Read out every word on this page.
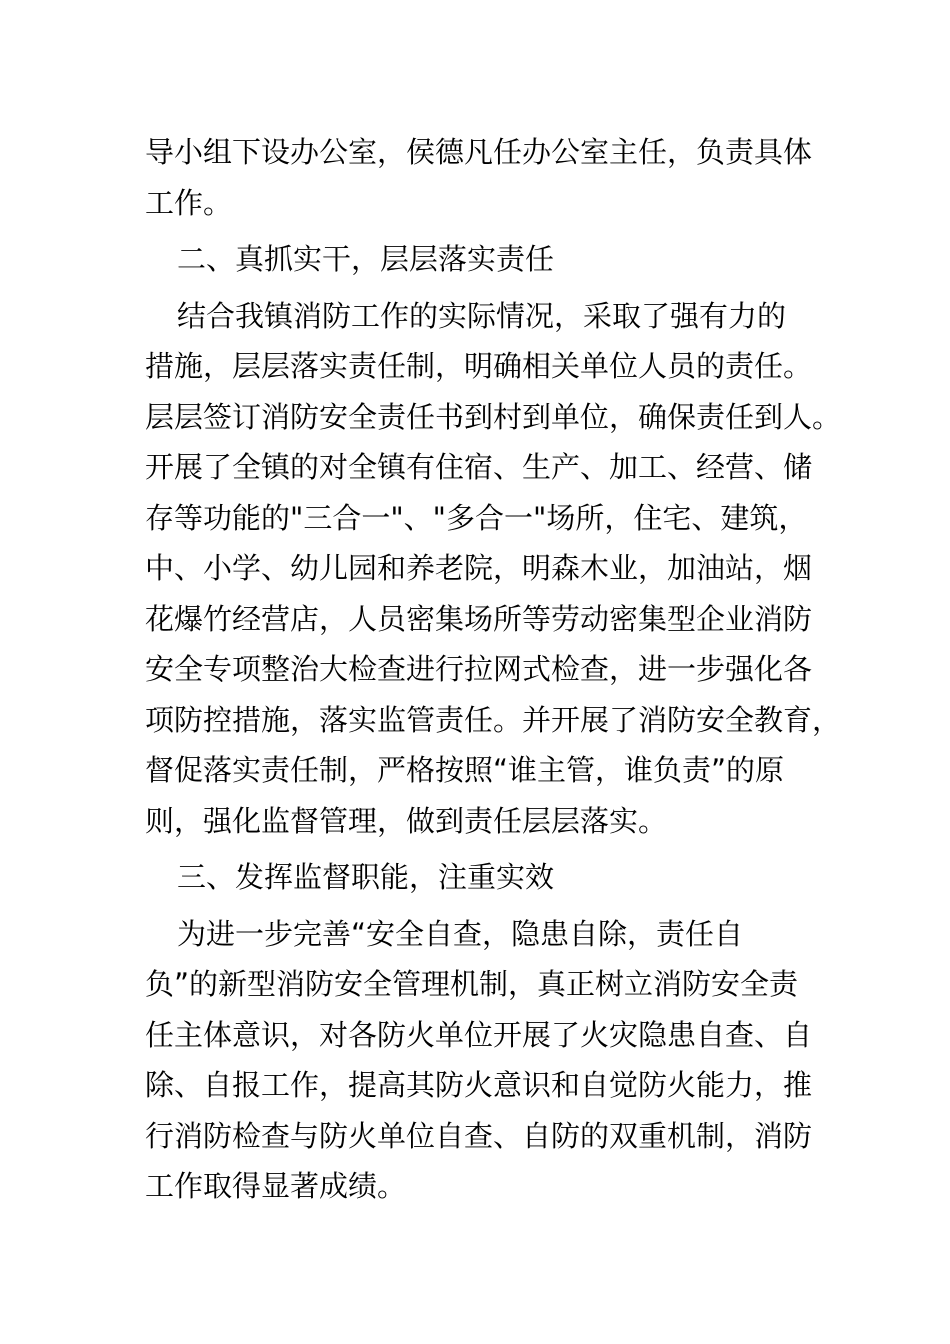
导小组下设办公室，侯德凡任办公室主任，负责具体
工作。
二、真抓实干，层层落实责任
结合我镇消防工作的实际情况，采取了强有力的
措施，层层落实责任制，明确相关单位人员的责任。
层层签订消防安全责任书到村到单位，确保责任到人。
开展了全镇的对全镇有住宿、生产、加工、经营、储
存等功能的"三合一"、"多合一"场所，住宅、建筑，
中、小学、幼儿园和养老院，明森木业，加油站，烟
花爆竹经营店，人员密集场所等劳动密集型企业消防
安全专项整治大检查进行拉网式检查，进一步强化各
项防控措施，落实监管责任。并开展了消防安全教育，
督促落实责任制，严格按照“谁主管，谁负责”的原
则，强化监督管理，做到责任层层落实。
三、发挥监督职能，注重实效
为进一步完善“安全自查，隐患自除，责任自
负”的新型消防安全管理机制，真正树立消防安全责
任主体意识，对各防火单位开展了火灾隐患自查、自
除、自报工作，提高其防火意识和自觉防火能力，推
行消防检查与防火单位自查、自防的双重机制，消防
工作取得显著成绩。
